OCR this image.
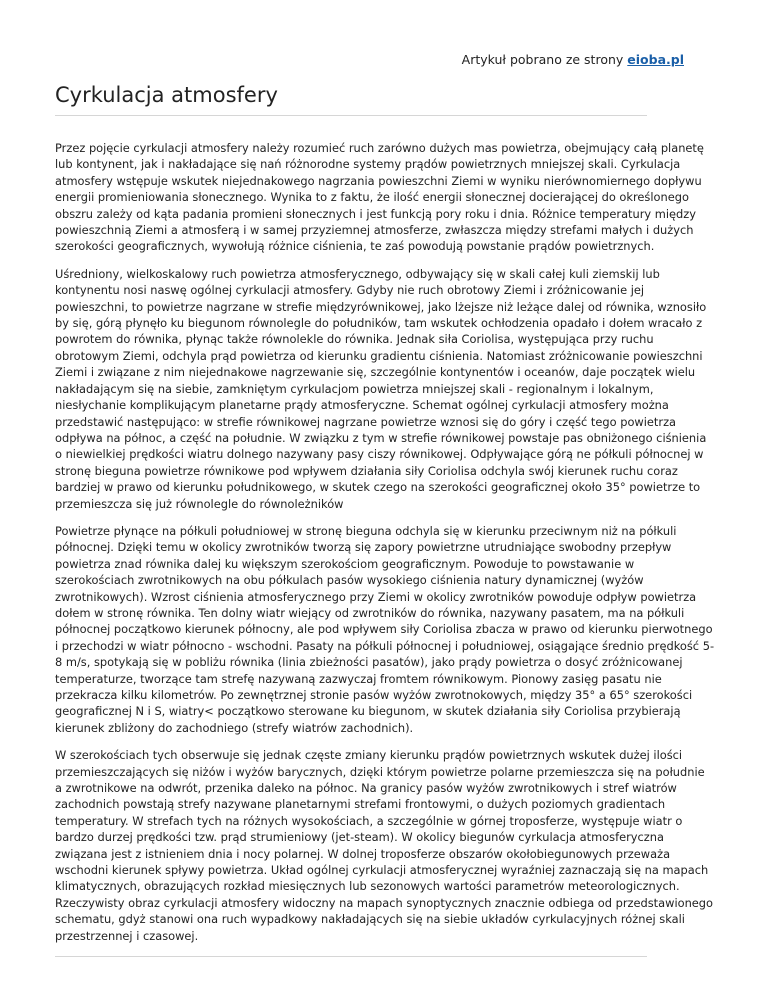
Artykuł pobrano ze strony eioba.pl
Cyrkulacja atmosfery

Przez pojęcie cyrkulacji atmosfery należy rozumieć ruch zarówno dużych mas powietrza, obejmujący całą planetę lub kontynent, jak i nakładające się nań różnorodne systemy prądów powietrznych mniejszej skali. Cyrkulacja atmosfery wstępuje wskutek niejednakowego nagrzania powieszchni Ziemi w wyniku nierównomiernego dopływu energii promieniowania słonecznego. Wynika to z faktu, że ilość energii słonecznej docierającej do określonego obszru zależy od kąta padania promieni słonecznych i jest funkcją pory roku i dnia. Różnice temperatury między powieszchnią Ziemi a atmosferą i w samej przyziemnej atmosferze, zwłaszcza między strefami małych i dużych szerokości geograficznych, wywołują różnice ciśnienia, te zaś powodują powstanie prądów powietrznych.

Uśredniony, wielkoskalowy ruch powietrza atmosferycznego, odbywający się w skali całej kuli ziemskij lub kontynentu nosi naswę ogólnej cyrkulacji atmosfery. Gdyby nie ruch obrotowy Ziemi i zróżnicowanie jej powieszchni, to powietrze nagrzane w strefie międzyrównikowej, jako lżejsze niż leżące dalej od równika, wznosiło by się, górą płynęło ku biegunom równolegle do południków, tam wskutek ochłodzenia opadało i dołem wracało z powrotem do równika, płynąc także równolekle do równika. Jednak siła Coriolisa, występująca przy ruchu obrotowym Ziemi, odchyla prąd powietrza od kierunku gradientu ciśnienia. Natomiast zróżnicowanie powieszchni Ziemi i związane z nim niejednakowe nagrzewanie się, szczególnie kontynentów i oceanów, daje początek wielu nakładającym się na siebie, zamkniętym cyrkulacjom powietrza mniejszej skali - regionalnym i lokalnym, niesłychanie komplikującym planetarne prądy atmosferyczne. Schemat ogólnej cyrkulacji atmosfery można przedstawić następująco: w strefie równikowej nagrzane powietrze wznosi się do góry i część tego powietrza odpływa na północ, a część na południe. W związku z tym w strefie równikowej powstaje pas obniżonego ciśnienia o niewielkiej prędkości wiatru dolnego nazywany pasy ciszy równikowej. Odpływające górą ne półkuli północnej w stronę bieguna powietrze równikowe pod wpływem działania siły Coriolisa odchyla swój kierunek ruchu coraz bardziej w prawo od kierunku południkowego, w skutek czego na szerokości geograficznej około 35° powietrze to przemieszcza się już równolegle do równoleżników

Powietrze płynące na półkuli południowej w stronę bieguna odchyla się w kierunku przeciwnym niż na półkuli północnej. Dzięki temu w okolicy zwrotników tworzą się zapory powietrzne utrudniające swobodny przepływ powietrza znad równika dalej ku większym szerokościom geograficznym. Powoduje to powstawanie w szerokościach zwrotnikowych na obu półkulach pasów wysokiego ciśnienia natury dynamicznej (wyżów zwrotnikowych). Wzrost ciśnienia atmosferycznego przy Ziemi w okolicy zwrotników powoduje odpływ powietrza dołem w stronę równika. Ten dolny wiatr wiejący od zwrotników do równika, nazywany pasatem, ma na półkuli północnej początkowo kierunek północny, ale pod wpływem siły Coriolisa zbacza w prawo od kierunku pierwotnego i przechodzi w wiatr północno - wschodni. Pasaty na półkuli północnej i południowej, osiągające średnio prędkość 5-8 m/s, spotykają się w pobliżu równika (linia zbieżności pasatów), jako prądy powietrza o dosyć zróżnicowanej temperaturze, tworzące tam strefę nazywaną zazwyczaj fromtem równikowym. Pionowy zasięg pasatu nie przekracza kilku kilometrów. Po zewnętrznej stronie pasów wyżów zwrotnokowych, między 35° a 65° szerokości geograficznej N i S, wiatry< początkowo sterowane ku biegunom, w skutek działania siły Coriolisa przybierają kierunek zbliżony do zachodniego (strefy wiatrów zachodnich).

W szerokościach tych obserwuje się jednak częste zmiany kierunku prądów powietrznych wskutek dużej ilości przemieszczających się niżów i wyżów barycznych, dzięki którym powietrze polarne przemieszcza się na południe a zwrotnikowe na odwrót, przenika daleko na północ. Na granicy pasów wyżów zwrotnikowych i stref wiatrów zachodnich powstają strefy nazywane planetarnymi strefami frontowymi, o dużych poziomych gradientach temperatury. W strefach tych na różnych wysokościach, a szczególnie w górnej troposferze, występuje wiatr o bardzo durzej prędkości tzw. prąd strumieniowy (jet-steam). W okolicy biegunów cyrkulacja atmosferyczna związana jest z istnieniem dnia i nocy polarnej. W dolnej troposferze obszarów okołobiegunowych przeważa wschodni kierunek spływy powietrza. Układ ogólnej cyrkulacji atmosferycznej wyraźniej zaznaczają się na mapach klimatycznych, obrazujących rozkład miesięcznych lub sezonowych wartości parametrów meteorologicznych. Rzeczywisty obraz cyrkulacji atmosfery widoczny na mapach synoptycznych znacznie odbiega od przedstawionego schematu, gdyż stanowi ona ruch wypadkowy nakładających się na siebie układów cyrkulacyjnych różnej skali przestrzennej i czasowej.
